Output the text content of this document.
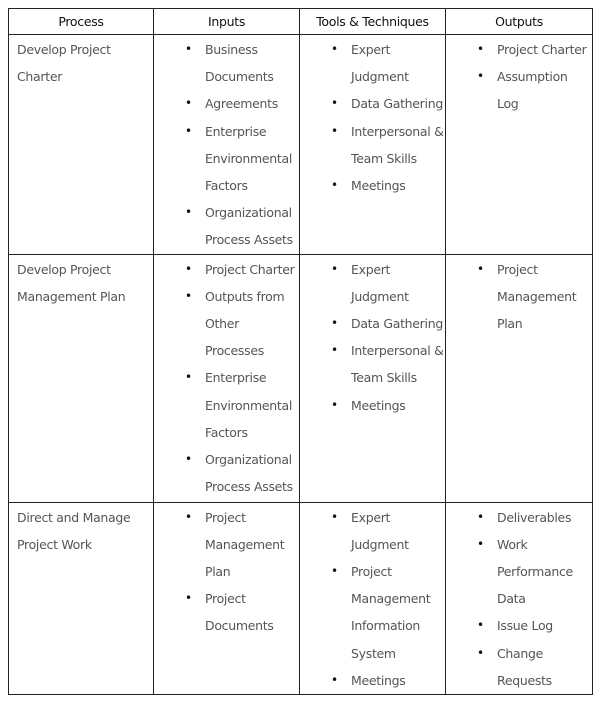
Process	Inputs	Tools & Techniques	Outputs
Develop Project Charter	
• Business Documents
• Agreements
• Enterprise Environmental Factors
• Organizational Process Assets

• Expert Judgment
• Data Gathering
• Interpersonal & Team Skills
• Meetings

• Project Charter
• Assumption Log

Develop Project Management Plan	
• Project Charter
• Outputs from Other Processes
• Enterprise Environmental Factors
• Organizational Process Assets

• Expert Judgment
• Data Gathering
• Interpersonal & Team Skills
• Meetings

• Project Management Plan

Direct and Manage Project Work	
• Project Management Plan
• Project Documents

• Expert Judgment
• Project Management Information System
• Meetings

• Deliverables
• Work Performance Data
• Issue Log
• Change Requests
